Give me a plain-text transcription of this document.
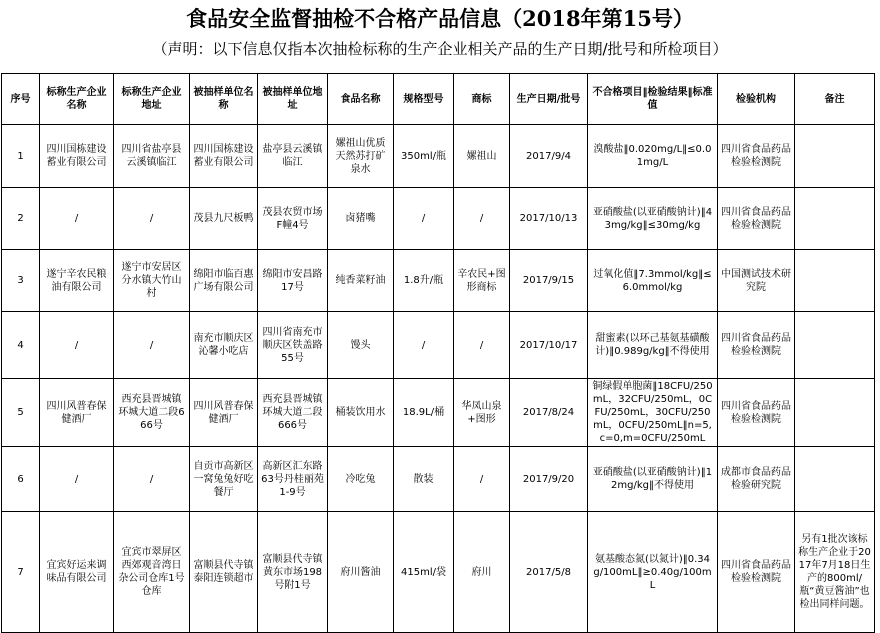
食品安全监督抽检不合格产品信息（2018年第15号）
（声明：以下信息仅指本次抽检标称的生产企业相关产品的生产日期/批号和所检项目）
序号	标称生产企业名称	标称生产企业地址	被抽样单位名称	被抽样单位地址	食品名称	规格型号	商标	生产日期/批号	不合格项目‖检验结果‖标准值	检验机构	备注
1	四川国栋建设蓄业有限公司	四川省盐亭县云溪镇临江	四川国栋建设蓄业有限公司	盐亭县云溪镇临江	嫘祖山优质天然苏打矿泉水	350ml/瓶	嫘祖山	2017/9/4	溴酸盐‖0.020mg/L‖≤0.01mg/L	四川省食品药品检验检测院	
2	/	/	茂县九尺板鸭	茂县农贸市场F幢4号	卤猪嘴	/	/	2017/10/13	亚硝酸盐(以亚硝酸钠计)‖43mg/kg‖≤30mg/kg	四川省食品药品检验检测院	
3	遂宁辛农民粮油有限公司	遂宁市安居区分水镇大竹山村	绵阳市临百惠广场有限公司	绵阳市安昌路17号	纯香菜籽油	1.8升/瓶	辛农民+图形商标	2017/9/15	过氧化值‖7.3mmol/kg‖≤6.0mmol/kg	中国测试技术研究院	
4	/	/	南充市顺庆区沁馨小吃店	四川省南充市顺庆区铁盖路55号	馒头	/	/	2017/10/17	甜蜜素(以环己基氨基磺酸计)‖0.989g/kg‖不得使用	四川省食品药品检验检测院	
5	四川风普春保健酒厂	西充县晋城镇环城大道二段666号	四川风普春保健酒厂	西充县晋城镇环城大道二段666号	桶装饮用水	18.9L/桶	华凤山泉+图形	2017/8/24	铜绿假单胞菌‖18CFU/250mL，32CFU/250mL，0CFU/250mL，30CFU/250mL，0CFU/250mL‖n=5,c=0,m=0CFU/250mL	四川省食品药品检验检测院	
6	/	/	自贡市高新区一窝兔兔好吃餐厅	高新区汇东路63号丹桂丽苑1-9号	冷吃兔	散装	/	2017/9/20	亚硝酸盐(以亚硝酸钠计)‖12mg/kg‖不得使用	成都市食品药品检验研究院	
7	宜宾好运来调味品有限公司	宜宾市翠屏区西郊观音湾日杂公司仓库1号仓库	富顺县代寺镇泰阳连锁超市	富顺县代寺镇黄东市场198号附1号	府川酱油	415ml/袋	府川	2017/5/8	氨基酸态氮(以氮计)‖0.34g/100mL‖≥0.40g/100mL	四川省食品药品检验检测院	另有1批次该标称生产企业于2017年7月18日生产的800ml/瓶“黄豆酱油”也检出同样问题。
